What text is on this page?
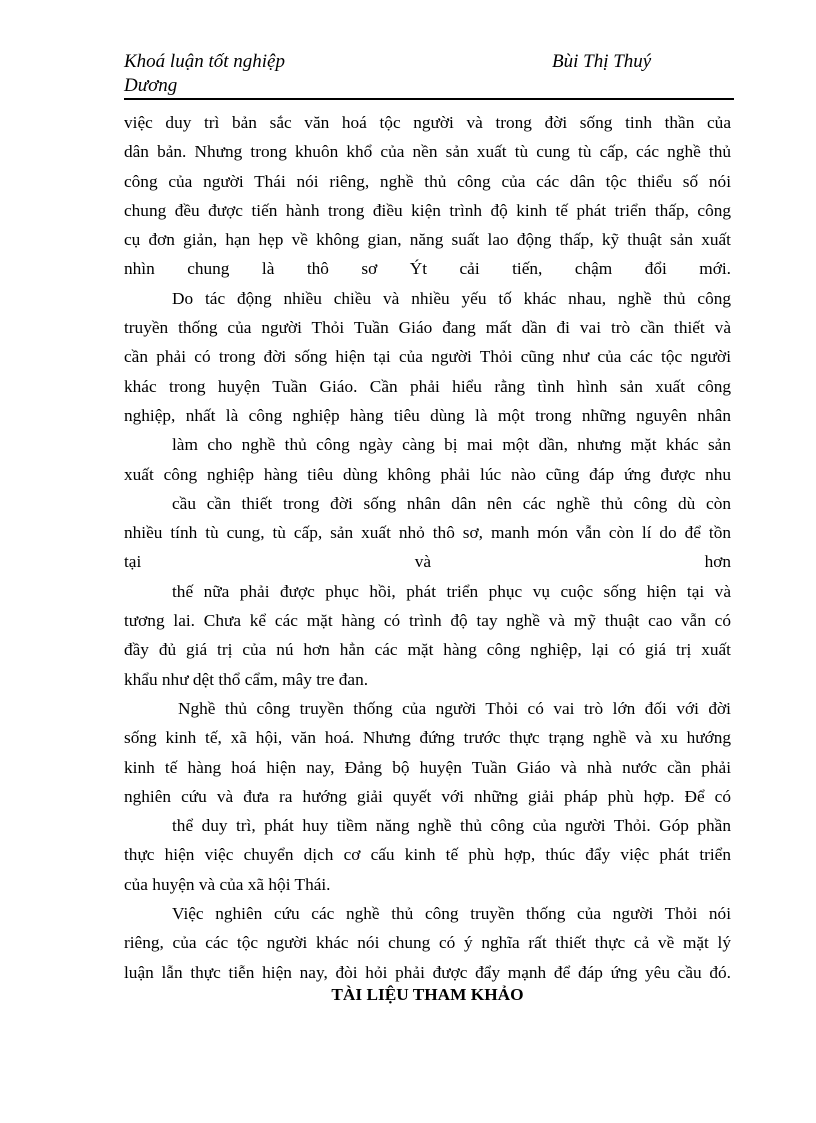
Khoá luận tốt nghiệp Dương
Bùi Thị Thuý
việc duy trì bản sắc văn hoá tộc người và trong đời sống tinh thần của
dân bản. Nhưng trong khuôn khổ của nền sản xuất tù cung tù cấp, các nghề thủ
công của người Thái nói riêng, nghề thủ công của các dân tộc thiểu số nói
chung đều được tiến hành trong điều kiện trình độ kinh tế phát triển thấp, công
cụ đơn giản, hạn hẹp về không gian, năng suất lao động thấp, kỹ thuật sản xuất
nhìn chung là thô sơ Ýt cải tiến, chậm đổi mới.
Do tác động nhiều chiều và nhiều yếu tố khác nhau, nghề thủ công
truyền thống của người Thỏi Tuần Giáo đang mất dần đi vai trò cần thiết và
cần phải có trong đời sống hiện tại của người Thỏi cũng như của các tộc người
khác trong huyện Tuần Giáo. Cần phải hiểu rằng tình hình sản xuất công
nghiệp, nhất là công nghiệp hàng tiêu dùng là một trong những nguyên nhân
làm cho nghề thủ công ngày càng bị mai một dần, nhưng mặt khác sản
xuất công nghiệp hàng tiêu dùng không phải lúc nào cũng đáp ứng được nhu
cầu cần thiết trong đời sống nhân dân nên các nghề thủ công dù còn
nhiều tính tù cung, tù cấp, sản xuất nhỏ thô sơ, manh món vẫn còn lí do để tồn
tại và hơn
thế nữa phải được phục hồi, phát triển phục vụ cuộc sống hiện tại và
tương lai. Chưa kể các mặt hàng có trình độ tay nghề và mỹ thuật cao vẫn có
đầy đủ giá trị của nú hơn hẳn các mặt hàng công nghiệp, lại có giá trị xuất
khẩu như dệt thổ cẩm, mây tre đan.
Nghề thủ công truyền thống của người Thỏi có vai trò lớn đối với đời
sống kinh tế, xã hội, văn hoá. Nhưng đứng trước thực trạng nghề và xu hướng
kinh tế hàng hoá hiện nay, Đảng bộ huyện Tuần Giáo và nhà nước cần phải
nghiên cứu và đưa ra hướng giải quyết với những giải pháp phù hợp. Để có
thể duy trì, phát huy tiềm năng nghề thủ công của người Thỏi. Góp phần
thực hiện việc chuyển dịch cơ cấu kinh tế phù hợp, thúc đẩy việc phát triển
của huyện và của xã hội Thái.
Việc nghiên cứu các nghề thủ công truyền thống của người Thỏi nói
riêng, của các tộc người khác nói chung có ý nghĩa rất thiết thực cả về mặt lý
luận lẫn thực tiễn hiện nay, đòi hỏi phải được đẩy mạnh để đáp ứng yêu cầu đó.
TÀI LIỆU THAM KHẢO
